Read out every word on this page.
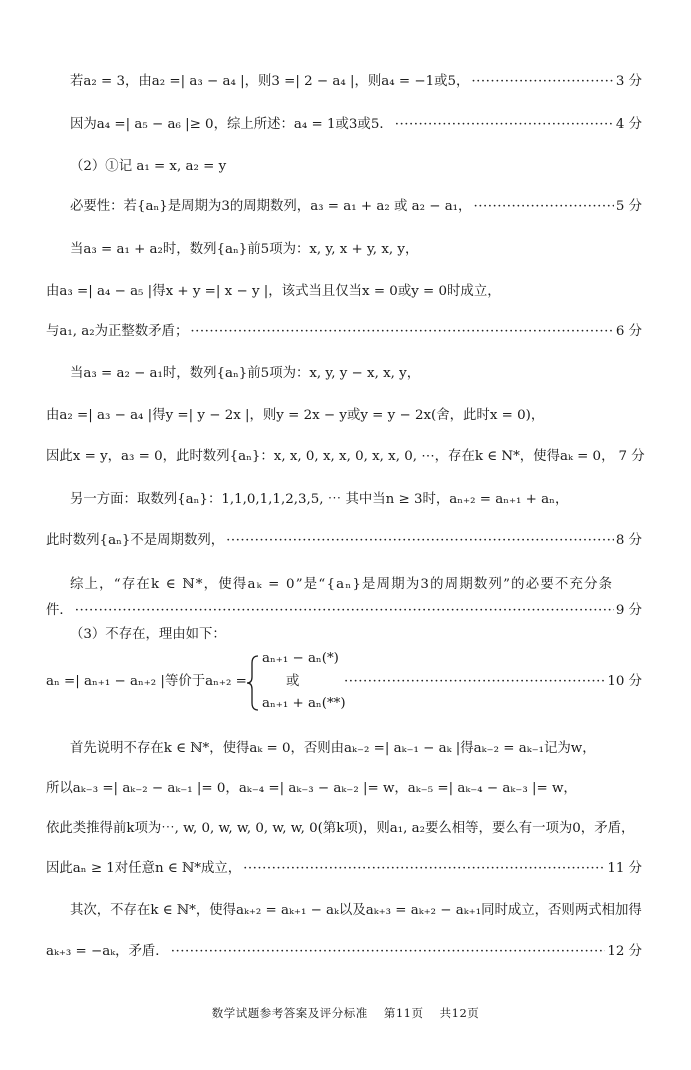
若a₂ = 3，由a₂ =| a₃ − a₄ |，则3 =| 2 − a₄ |，则a₄ = −1或5， ·····	3 分
因为a₄ =| a₅ − a₆ |≥ 0，综上所述：a₄ = 1或3或5． ·····	4 分
（2）①记 a₁ = x, a₂ = y
必要性：若{aₙ}是周期为3的周期数列，a₃ = a₁ + a₂ 或 a₂ − a₁， ·····	5 分
当a₃ = a₁ + a₂时，数列{aₙ}前5项为：x, y, x + y, x, y，
由a₃ =| a₄ − a₅ |得x + y =| x − y |，该式当且仅当x = 0或y = 0时成立，
与a₁, a₂为正整数矛盾； ·····	6 分
当a₃ = a₂ − a₁时，数列{aₙ}前5项为：x, y, y − x, x, y，
由a₂ =| a₃ − a₄ |得y =| y − 2x |，则y = 2x − y或y = y − 2x(舍，此时x = 0)，
因此x = y，a₃ = 0，此时数列{aₙ}：x, x, 0, x, x, 0, x, x, 0, ⋯，存在k ∈ N*，使得aₖ = 0， 7 分
另一方面：取数列{aₙ}：1,1,0,1,1,2,3,5, ⋯ 其中当n ≥ 3时，aₙ₊₂ = aₙ₊₁ + aₙ，
此时数列{aₙ}不是周期数列， ·····	8 分
综上，“存在k ∈ ℕ*，使得aₖ = 0”是“{aₙ}是周期为3的周期数列”的必要不充分条
件． ·····	9 分
（3）不存在，理由如下：
aₙ =| aₙ₊₁ − aₙ₊₂ |等价于aₙ₊₂ = ·····	10 分
aₙ₊₁ − aₙ(*)
或
aₙ₊₁ + aₙ(**)
首先说明不存在k ∈ ℕ*，使得aₖ = 0，否则由aₖ₋₂ =| aₖ₋₁ − aₖ |得aₖ₋₂ = aₖ₋₁记为w，
所以aₖ₋₃ =| aₖ₋₂ − aₖ₋₁ |= 0，aₖ₋₄ =| aₖ₋₃ − aₖ₋₂ |= w，aₖ₋₅ =| aₖ₋₄ − aₖ₋₃ |= w，
依此类推得前k项为⋯, w, 0, w, w, 0, w, w, 0(第k项)，则a₁, a₂要么相等，要么有一项为0，矛盾，
因此aₙ ≥ 1对任意n ∈ ℕ*成立， ·····	11 分
其次，不存在k ∈ ℕ*，使得aₖ₊₂ = aₖ₊₁ − aₖ以及aₖ₊₃ = aₖ₊₂ − aₖ₊₁同时成立，否则两式相加得
aₖ₊₃ = −aₖ，矛盾． ·····	12 分
数学试题参考答案及评分标准 第11页 共12页
